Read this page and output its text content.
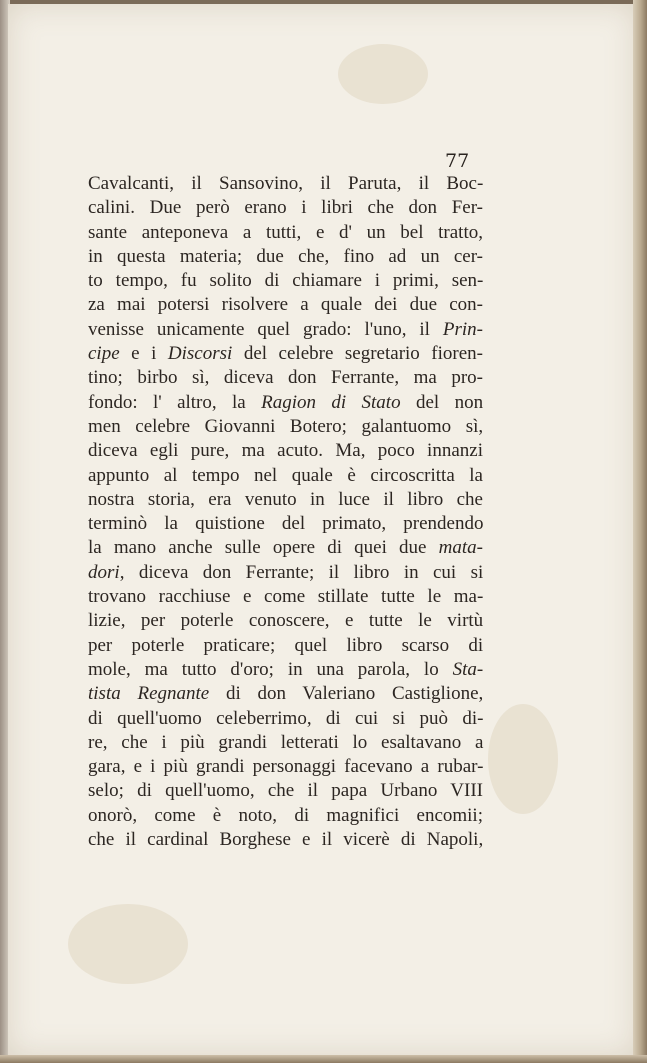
77

Cavalcanti, il Sansovino, il Paruta, il Boc-
calini. Due però erano i libri che don Fer-
sante anteponeva a tutti, e d' un bel tratto,
in questa materia; due che, fino ad un cer-
to tempo, fu solito di chiamare i primi, sen-
za mai potersi risolvere a quale dei due con-
venisse unicamente quel grado: l'uno, il Prin-
cipe e i Discorsi del celebre segretario fioren-
tino; birbo sì, diceva don Ferrante, ma pro-
fondo: l' altro, la Ragion di Stato del non
men celebre Giovanni Botero; galantuomo sì,
diceva egli pure, ma acuto. Ma, poco innanzi
appunto al tempo nel quale è circoscritta la
nostra storia, era venuto in luce il libro che
terminò la quistione del primato, prendendo
la mano anche sulle opere di quei due mata-
dori, diceva don Ferrante; il libro in cui si
trovano racchiuse e come stillate tutte le ma-
lizie, per poterle conoscere, e tutte le virtù
per poterle praticare; quel libro scarso di
mole, ma tutto d'oro; in una parola, lo Sta-
tista Regnante di don Valeriano Castiglione,
di quell'uomo celeberrimo, di cui si può di-
re, che i più grandi letterati lo esaltavano a
gara, e i più grandi personaggi facevano a rubar-
selo; di quell'uomo, che il papa Urbano VIII
onorò, come è noto, di magnifici encomii;
che il cardinal Borghese e il vicerè di Napoli,
